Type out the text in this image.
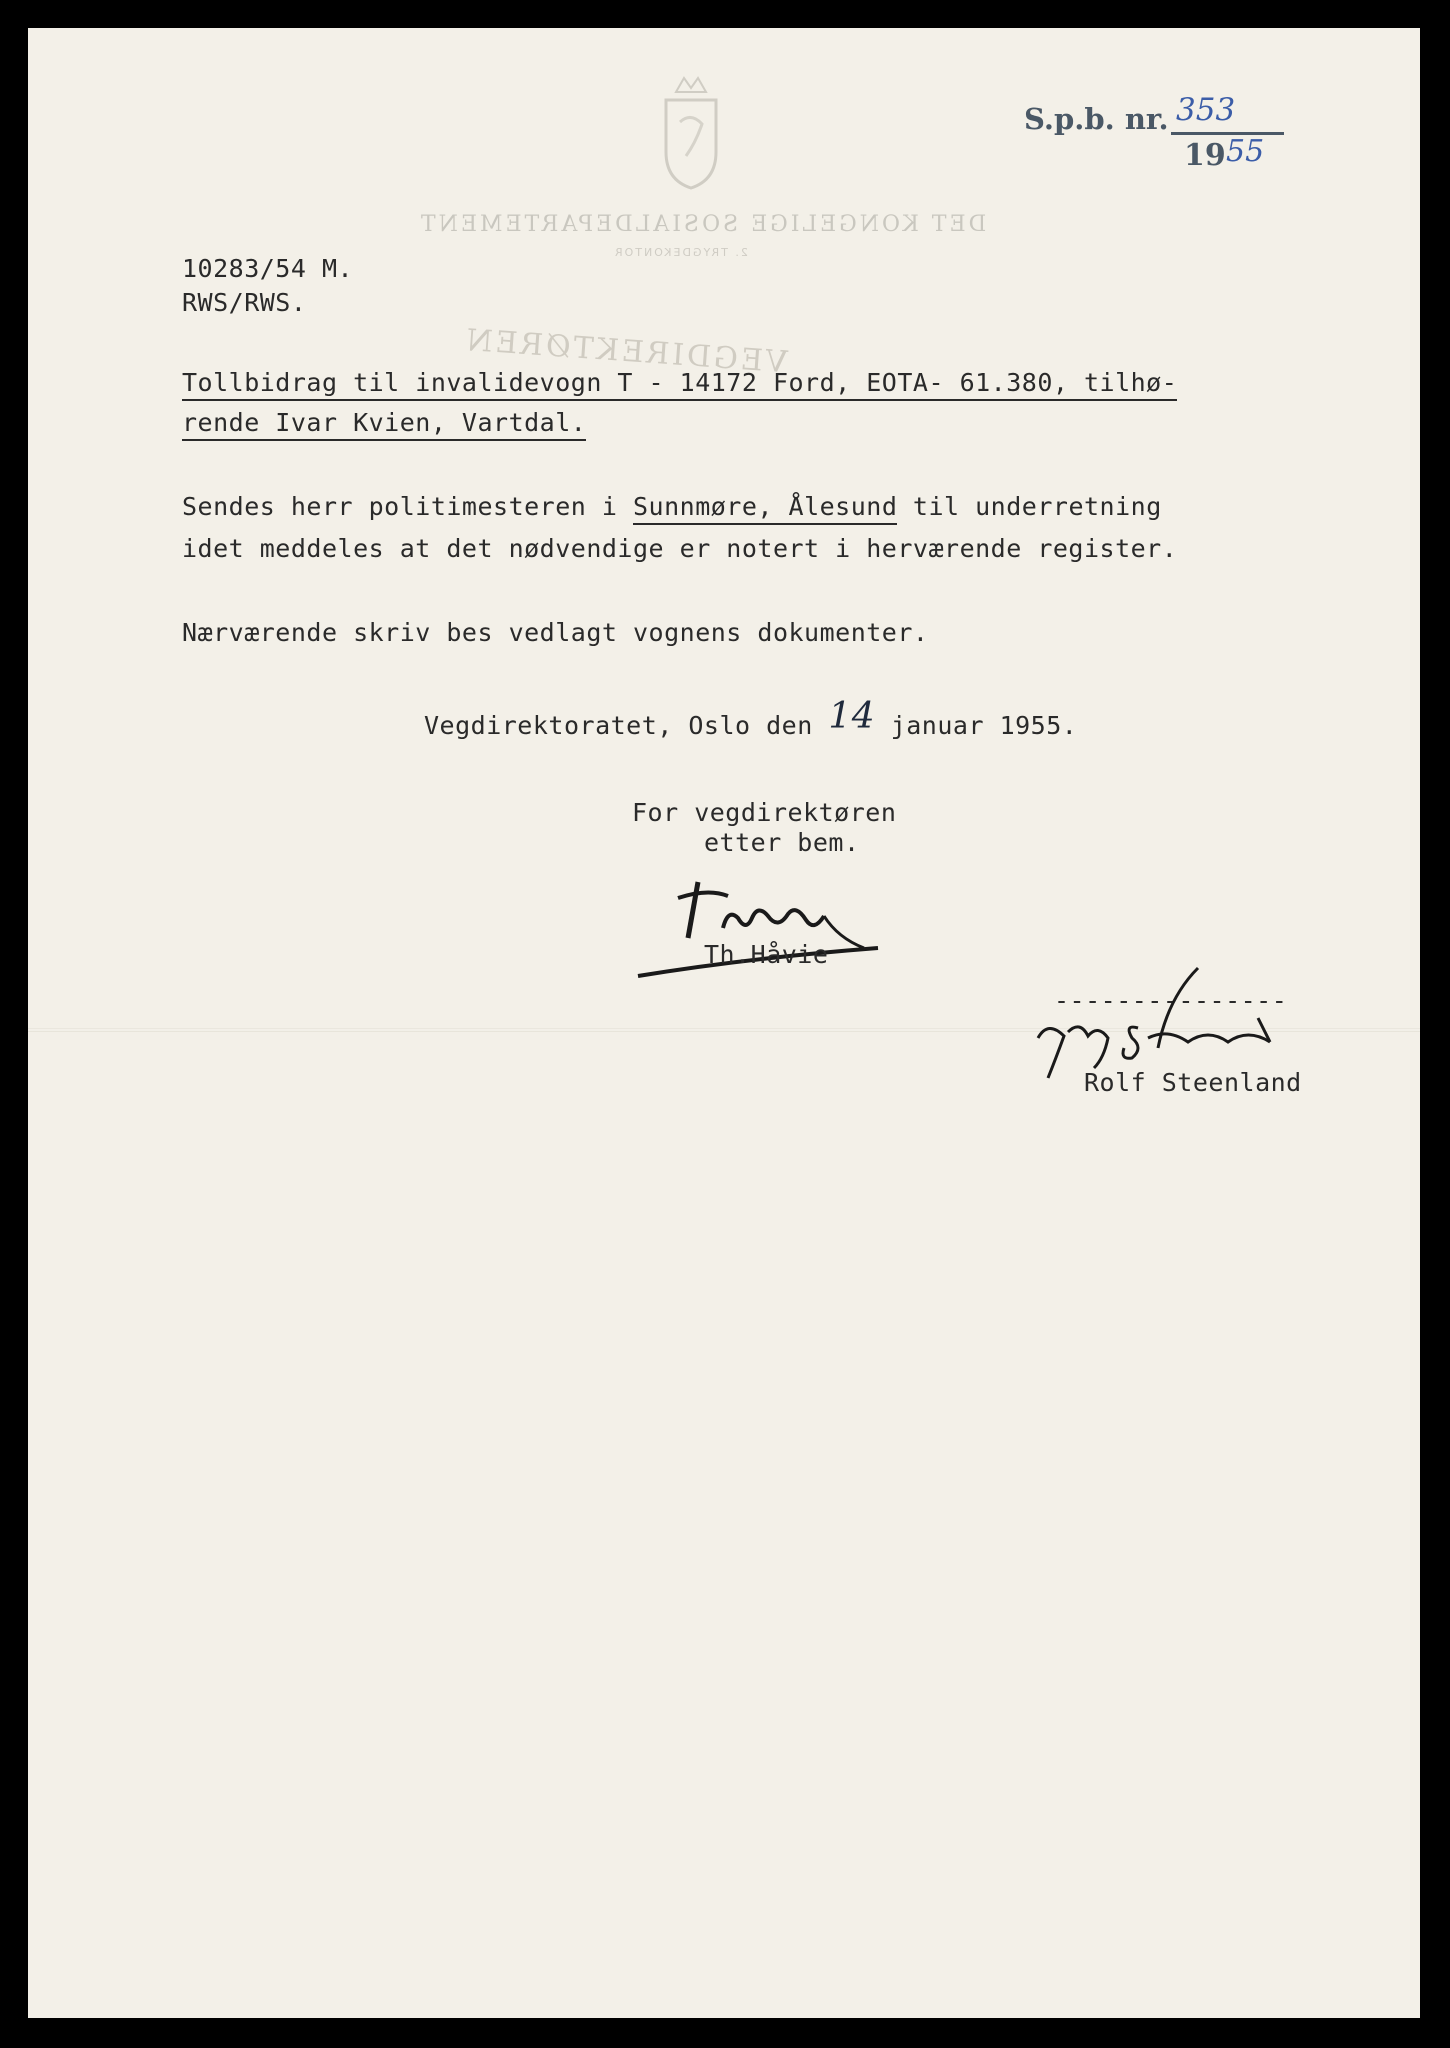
DET KONGELIGE SOSIALDEPARTEMENT
2. TRYGDEKONTOR
VEGDIREKTØREN
S.p.b. nr. 353
19 55
10283/54 M.
RWS/RWS.
Tollbidrag til invalidevogn T - 14172 Ford, EOTA- 61.380, tilhø-
rende Ivar Kvien, Vartdal.
Sendes herr politimesteren i Sunnmøre, Ålesund til underretning
idet meddeles at det nødvendige er notert i herværende register.
Nærværende skriv bes vedlagt vognens dokumenter.
Vegdirektoratet, Oslo den 14 januar 1955.
For vegdirektøren
etter bem.
Th.Håvie
---------------
Rolf Steenland
